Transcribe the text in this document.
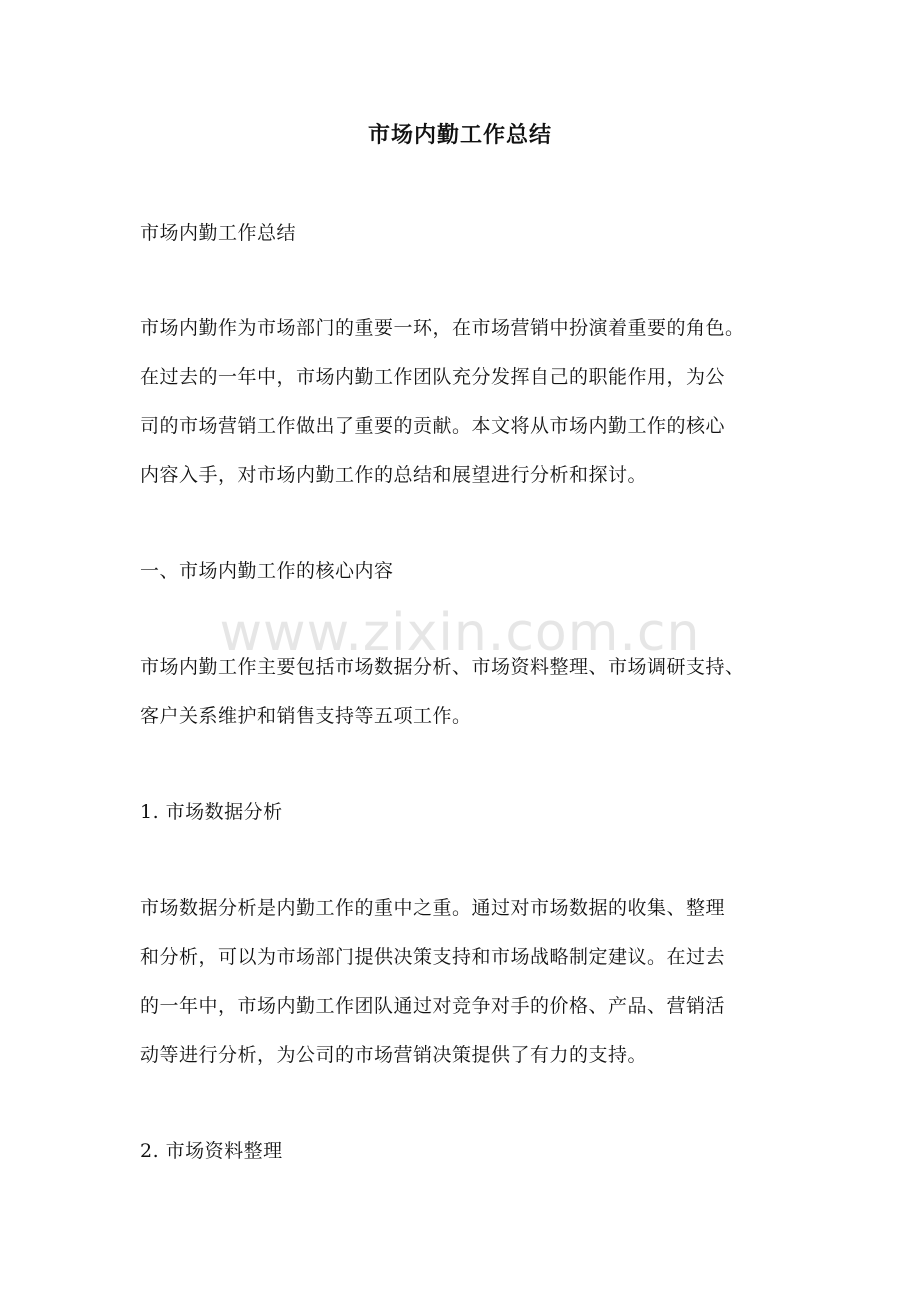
市场内勤工作总结
市场内勤工作总结
市场内勤作为市场部门的重要一环，在市场营销中扮演着重要的角色。
在过去的一年中，市场内勤工作团队充分发挥自己的职能作用，为公
司的市场营销工作做出了重要的贡献。本文将从市场内勤工作的核心
内容入手，对市场内勤工作的总结和展望进行分析和探讨。
一、市场内勤工作的核心内容
市场内勤工作主要包括市场数据分析、市场资料整理、市场调研支持、
客户关系维护和销售支持等五项工作。
1. 市场数据分析
市场数据分析是内勤工作的重中之重。通过对市场数据的收集、整理
和分析，可以为市场部门提供决策支持和市场战略制定建议。在过去
的一年中，市场内勤工作团队通过对竞争对手的价格、产品、营销活
动等进行分析，为公司的市场营销决策提供了有力的支持。
2. 市场资料整理
www.zixin.com.cn
